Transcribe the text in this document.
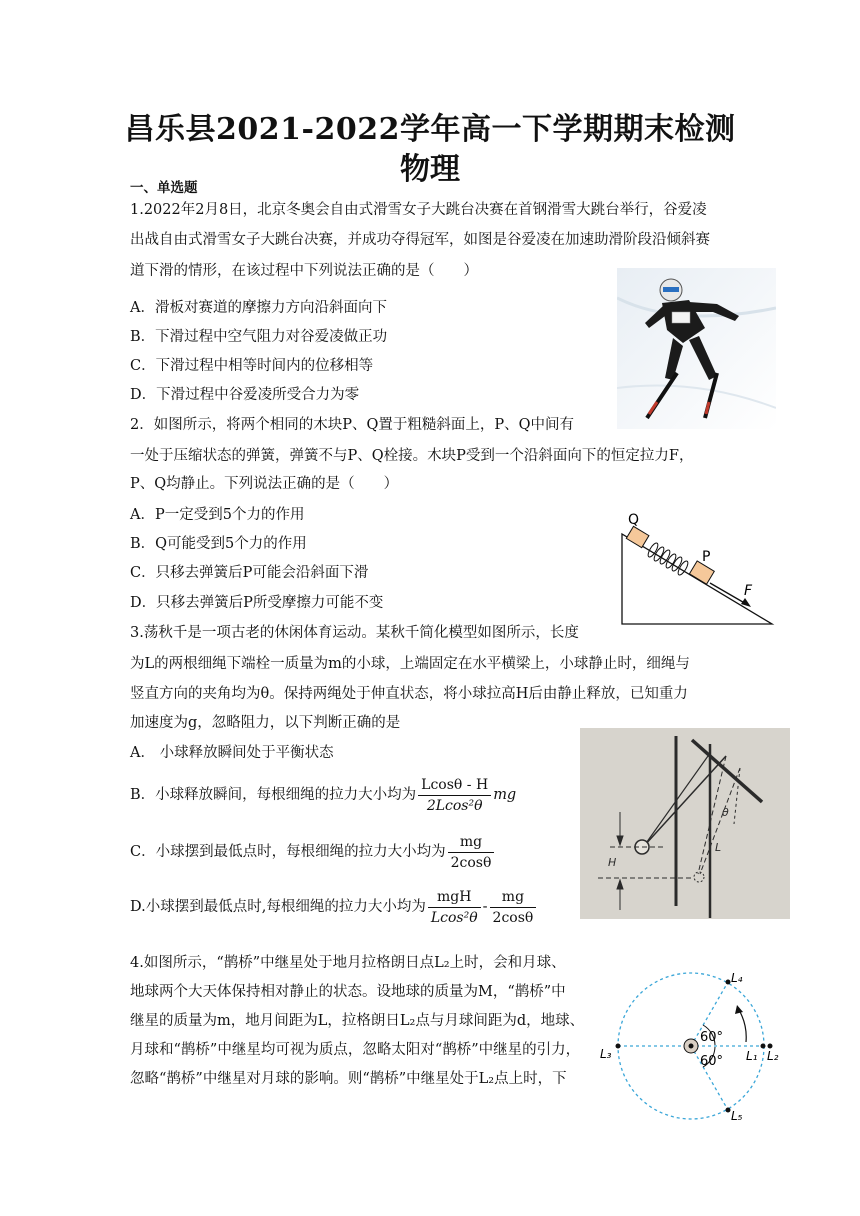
昌乐县2021-2022学年高一下学期期末检测
物理
一、单选题
1.2022年2月8日，北京冬奥会自由式滑雪女子大跳台决赛在首钢滑雪大跳台举行，谷爱凌
出战自由式滑雪女子大跳台决赛，并成功夺得冠军，如图是谷爱凌在加速助滑阶段沿倾斜赛
道下滑的情形，在该过程中下列说法正确的是（　　）
A．滑板对赛道的摩擦力方向沿斜面向下
B．下滑过程中空气阻力对谷爱凌做正功
C．下滑过程中相等时间内的位移相等
D．下滑过程中谷爱凌所受合力为零
2．如图所示，将两个相同的木块P、Q置于粗糙斜面上，P、Q中间有
一处于压缩状态的弹簧，弹簧不与P、Q栓接。木块P受到一个沿斜面向下的恒定拉力F，
P、Q均静止。下列说法正确的是（　　）
A．P一定受到5个力的作用
B．Q可能受到5个力的作用
C．只移去弹簧后P可能会沿斜面下滑
D．只移去弹簧后P所受摩擦力可能不变
Q
P
F
3.荡秋千是一项古老的休闲体育运动。某秋千简化模型如图所示，长度
为L的两根细绳下端栓一质量为m的小球，上端固定在水平横梁上，小球静止时，细绳与
竖直方向的夹角均为θ。保持两绳处于伸直状态，将小球拉高H后由静止释放，已知重力
加速度为g，忽略阻力，以下判断正确的是
A． 小球释放瞬间处于平衡状态
B．小球释放瞬间，每根细绳的拉力大小均为 $\frac{Lcos\theta - H}{\text{2Lcos²θ}}$ mg
C．小球摆到最低点时，每根细绳的拉力大小均为 $\frac{mg}{2\cos\theta}$
D.小球摆到最低点时,每根细绳的拉力大小均为 $\frac{\text{mgH}}{\text{Lcos²θ}} - \frac{mg}{2\cos\theta}$
H
L
θ
4.如图所示，“鹊桥”中继星处于地月拉格朗日点L₂上时，会和月球、
地球两个大天体保持相对静止的状态。设地球的质量为M，“鹊桥”中
继星的质量为m，地月间距为L，拉格朗日L₂点与月球间距为d，地球、
月球和“鹊桥”中继星均可视为质点，忽略太阳对“鹊桥”中继星的引力，
忽略“鹊桥”中继星对月球的影响。则“鹊桥”中继星处于L₂点上时，下
60°
60°
L₃	L₁ L₂
L₄
L₅
